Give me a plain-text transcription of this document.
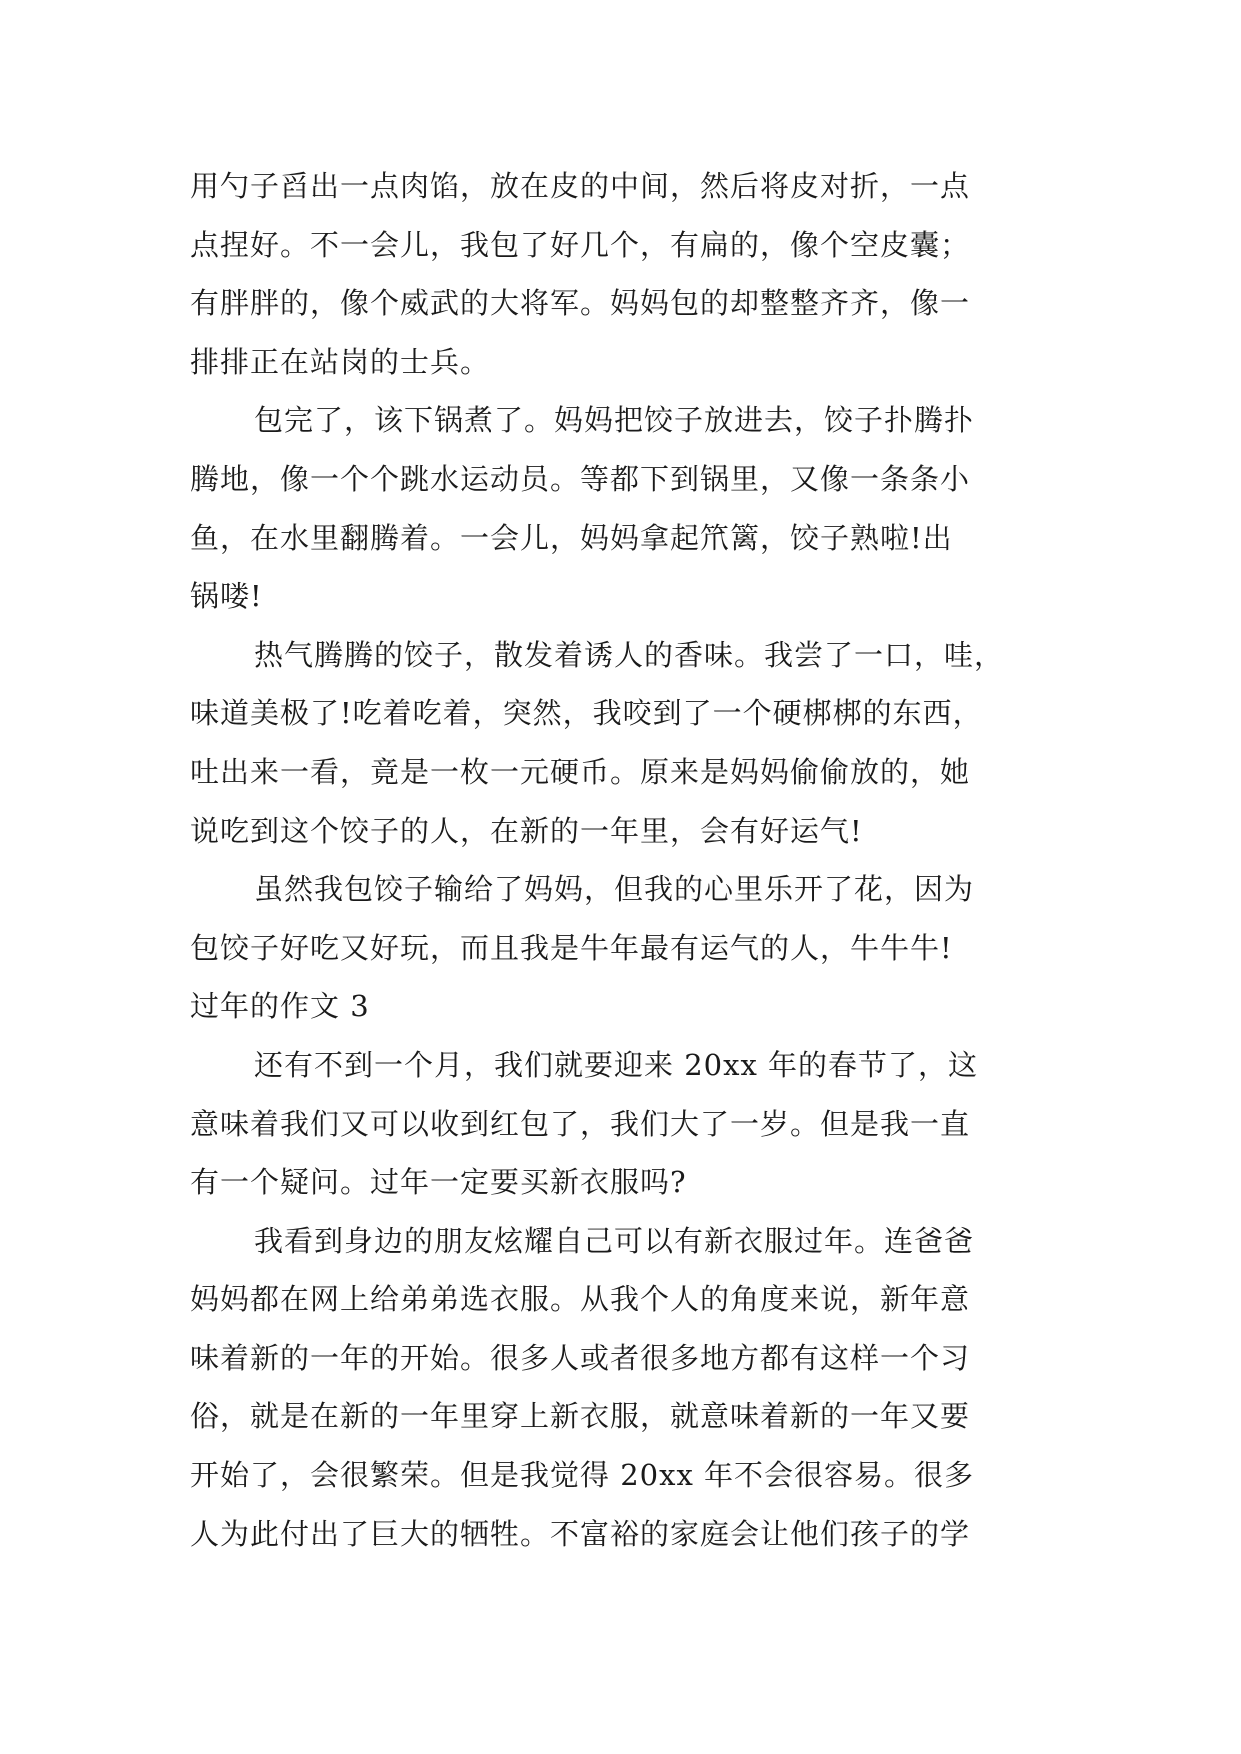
用勺子舀出一点肉馅，放在皮的中间，然后将皮对折，一点
点捏好。不一会儿，我包了好几个，有扁的，像个空皮囊；
有胖胖的，像个威武的大将军。妈妈包的却整整齐齐，像一
排排正在站岗的士兵。
包完了，该下锅煮了。妈妈把饺子放进去，饺子扑腾扑
腾地，像一个个跳水运动员。等都下到锅里，又像一条条小
鱼，在水里翻腾着。一会儿，妈妈拿起笊篱，饺子熟啦!出
锅喽!
热气腾腾的饺子，散发着诱人的香味。我尝了一口，哇，
味道美极了!吃着吃着，突然，我咬到了一个硬梆梆的东西，
吐出来一看，竟是一枚一元硬币。原来是妈妈偷偷放的，她
说吃到这个饺子的人，在新的一年里，会有好运气!
虽然我包饺子输给了妈妈，但我的心里乐开了花，因为
包饺子好吃又好玩，而且我是牛年最有运气的人，牛牛牛!
过年的作文 3
还有不到一个月，我们就要迎来 20xx 年的春节了，这
意味着我们又可以收到红包了，我们大了一岁。但是我一直
有一个疑问。过年一定要买新衣服吗?
我看到身边的朋友炫耀自己可以有新衣服过年。连爸爸
妈妈都在网上给弟弟选衣服。从我个人的角度来说，新年意
味着新的一年的开始。很多人或者很多地方都有这样一个习
俗，就是在新的一年里穿上新衣服，就意味着新的一年又要
开始了，会很繁荣。但是我觉得 20xx 年不会很容易。很多
人为此付出了巨大的牺牲。不富裕的家庭会让他们孩子的学
